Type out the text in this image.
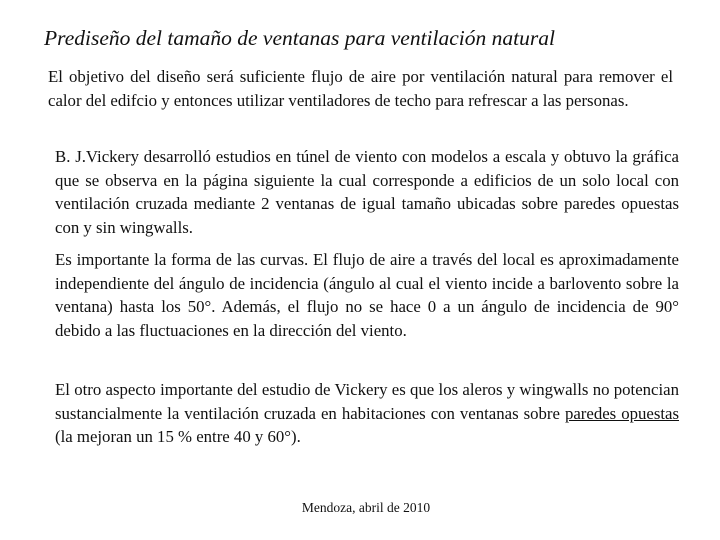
Prediseño del tamaño de ventanas para ventilación natural

El objetivo del diseño será suficiente flujo de aire por ventilación natural para remover el calor del edifcio y entonces utilizar ventiladores de techo para refrescar a las personas.

B. J.Vickery desarrolló estudios en túnel de viento con modelos a escala y obtuvo la gráfica que se observa en la página siguiente la cual corresponde a edificios de un solo local con ventilación cruzada mediante 2 ventanas de igual tamaño ubicadas sobre paredes opuestas con y sin wingwalls.

Es importante la forma de las curvas. El flujo de aire a través del local es aproximadamente independiente del ángulo de incidencia (ángulo al cual el viento incide a barlovento sobre la ventana) hasta los 50°. Además, el flujo no se hace 0 a un ángulo de incidencia de 90° debido a las fluctuaciones en la dirección del viento.

El otro aspecto importante del estudio de Vickery es que los aleros y wingwalls no potencian sustancialmente la ventilación cruzada en habitaciones con ventanas sobre paredes opuestas (la mejoran un 15 % entre 40 y 60°).

Mendoza, abril de 2010
